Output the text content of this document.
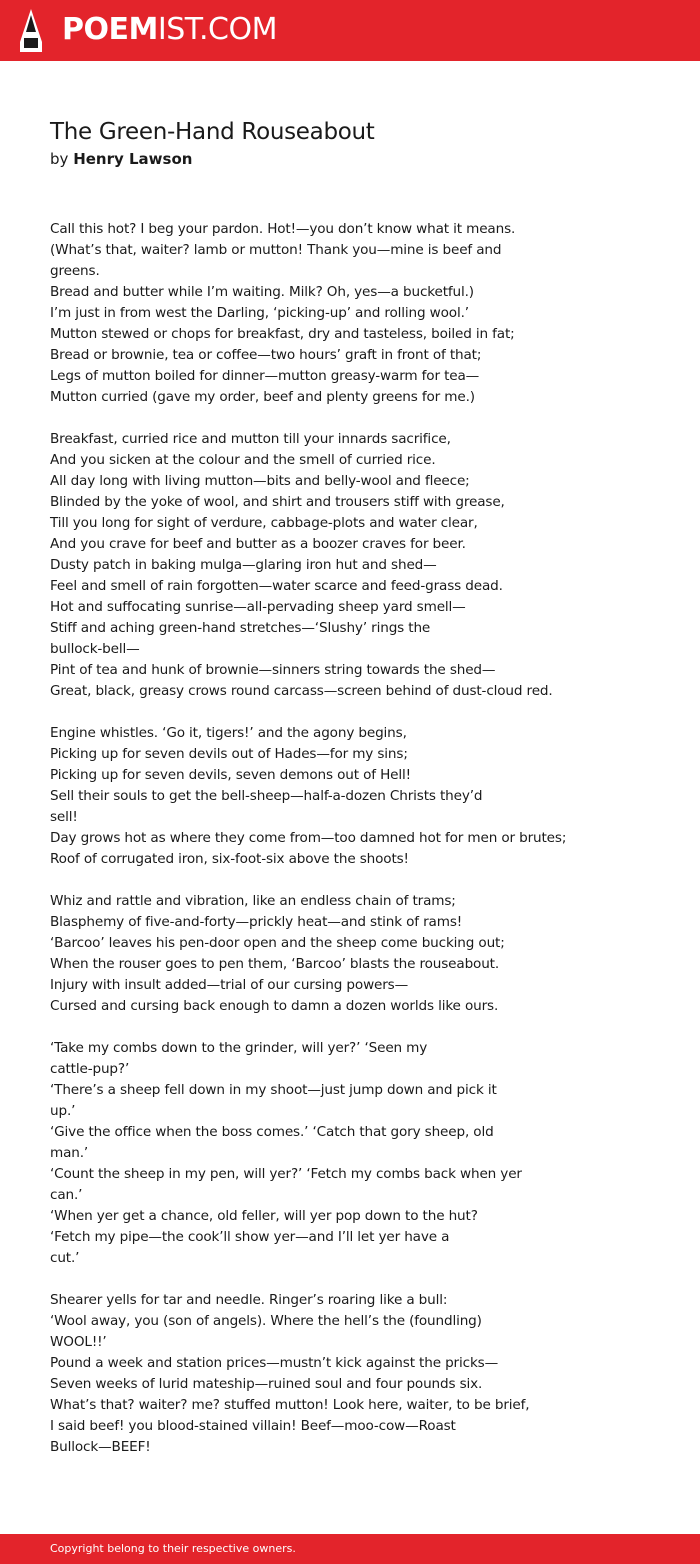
POEMIST.COM
The Green-Hand Rouseabout
by Henry Lawson
Call this hot? I beg your pardon. Hot!—you don’t know what it means.
(What’s that, waiter? lamb or mutton! Thank you—mine is beef and
greens.
Bread and butter while I’m waiting. Milk? Oh, yes—a bucketful.)
I’m just in from west the Darling, ‘picking-up’ and rolling wool.’
Mutton stewed or chops for breakfast, dry and tasteless, boiled in fat;
Bread or brownie, tea or coffee—two hours’ graft in front of that;
Legs of mutton boiled for dinner—mutton greasy-warm for tea—
Mutton curried (gave my order, beef and plenty greens for me.)
Breakfast, curried rice and mutton till your innards sacrifice,
And you sicken at the colour and the smell of curried rice.
All day long with living mutton—bits and belly-wool and fleece;
Blinded by the yoke of wool, and shirt and trousers stiff with grease,
Till you long for sight of verdure, cabbage-plots and water clear,
And you crave for beef and butter as a boozer craves for beer.
Dusty patch in baking mulga—glaring iron hut and shed—
Feel and smell of rain forgotten—water scarce and feed-grass dead.
Hot and suffocating sunrise—all-pervading sheep yard smell—
Stiff and aching green-hand stretches—‘Slushy’ rings the
bullock-bell—
Pint of tea and hunk of brownie—sinners string towards the shed—
Great, black, greasy crows round carcass—screen behind of dust-cloud red.
Engine whistles. ‘Go it, tigers!’ and the agony begins,
Picking up for seven devils out of Hades—for my sins;
Picking up for seven devils, seven demons out of Hell!
Sell their souls to get the bell-sheep—half-a-dozen Christs they’d
sell!
Day grows hot as where they come from—too damned hot for men or brutes;
Roof of corrugated iron, six-foot-six above the shoots!
Whiz and rattle and vibration, like an endless chain of trams;
Blasphemy of five-and-forty—prickly heat—and stink of rams!
‘Barcoo’ leaves his pen-door open and the sheep come bucking out;
When the rouser goes to pen them, ‘Barcoo’ blasts the rouseabout.
Injury with insult added—trial of our cursing powers—
Cursed and cursing back enough to damn a dozen worlds like ours.
‘Take my combs down to the grinder, will yer?’ ‘Seen my
cattle-pup?’
‘There’s a sheep fell down in my shoot—just jump down and pick it
up.’
‘Give the office when the boss comes.’ ‘Catch that gory sheep, old
man.’
‘Count the sheep in my pen, will yer?’ ‘Fetch my combs back when yer
can.’
‘When yer get a chance, old feller, will yer pop down to the hut?
‘Fetch my pipe—the cook’ll show yer—and I’ll let yer have a
cut.’
Shearer yells for tar and needle. Ringer’s roaring like a bull:
‘Wool away, you (son of angels). Where the hell’s the (foundling)
WOOL!!’
Pound a week and station prices—mustn’t kick against the pricks—
Seven weeks of lurid mateship—ruined soul and four pounds six.
What’s that? waiter? me? stuffed mutton! Look here, waiter, to be brief,
I said beef! you blood-stained villain! Beef—moo-cow—Roast
Bullock—BEEF!
Copyright belong to their respective owners.
